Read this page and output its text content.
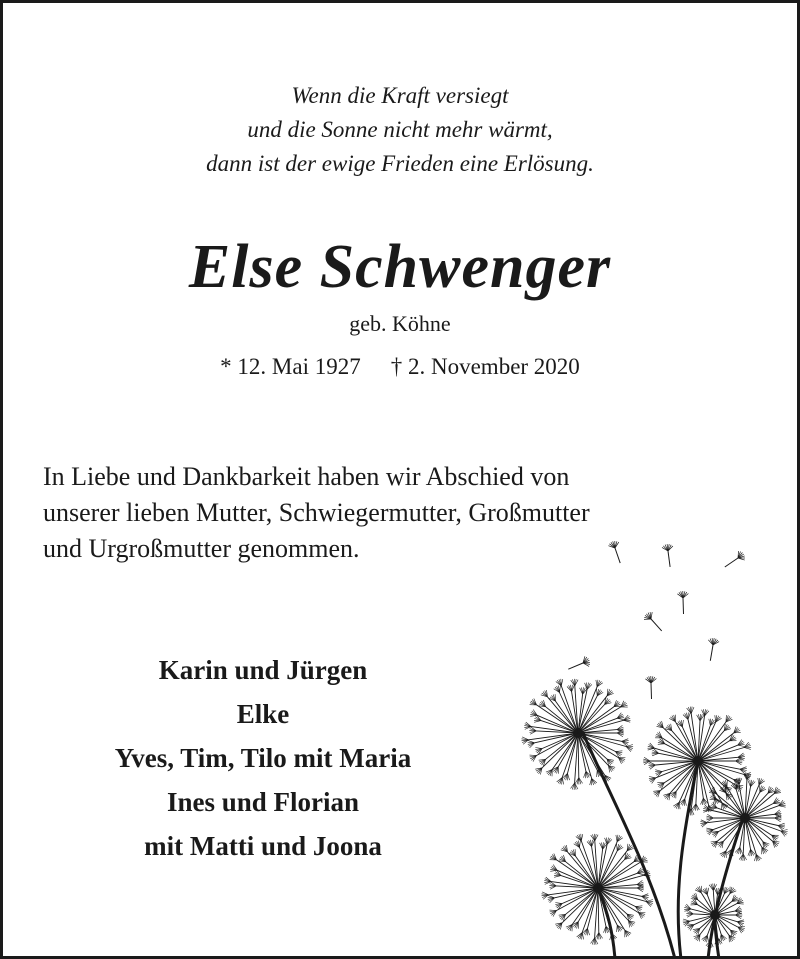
Wenn die Kraft versiegt
und die Sonne nicht mehr wärmt,
dann ist der ewige Frieden eine Erlösung.
Else Schwenger
geb. Köhne
* 12. Mai 1927 † 2. November 2020
In Liebe und Dankbarkeit haben wir Abschied von
unserer lieben Mutter, Schwiegermutter, Großmutter
und Urgroßmutter genommen.
Karin und Jürgen
Elke
Yves, Tim, Tilo mit Maria
Ines und Florian
mit Matti und Joona
